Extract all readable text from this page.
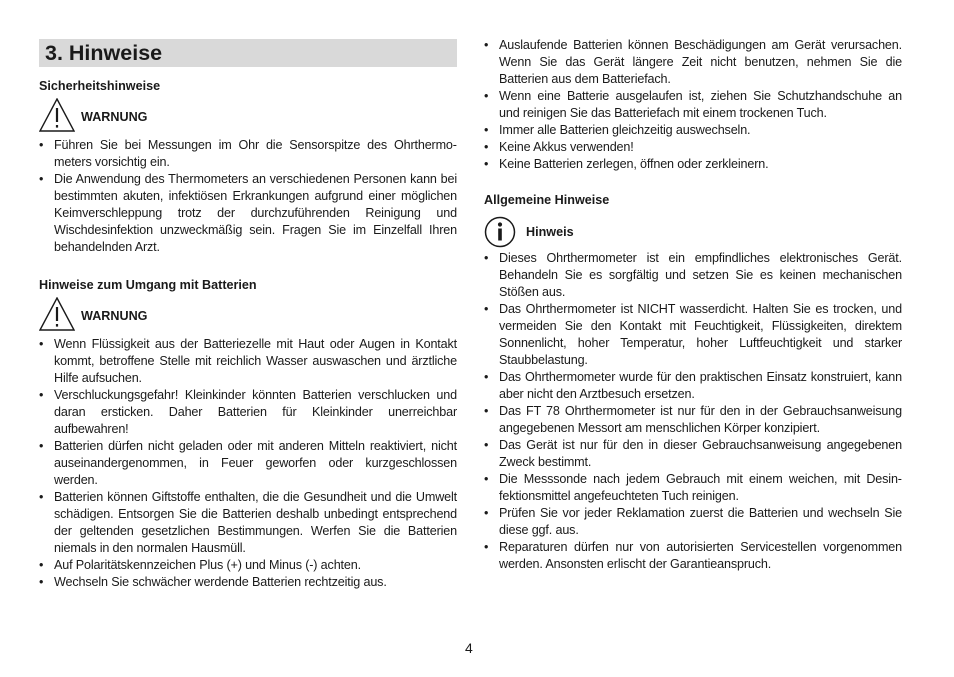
3. Hinweise
Sicherheitshinweise
WARNUNG
• Führen Sie bei Messungen im Ohr die Sensorspitze des Ohrthermometers vorsichtig ein.
• Die Anwendung des Thermometers an verschiedenen Personen kann bei bestimmten akuten, infektiösen Erkrankungen aufgrund einer möglichen Keimverschleppung trotz der durchzuführenden Reinigung und Wischdesinfektion unzweckmäßig sein. Fragen Sie im Einzelfall Ihren behandelnden Arzt.
Hinweise zum Umgang mit Batterien
WARNUNG
• Wenn Flüssigkeit aus der Batteriezelle mit Haut oder Augen in Kontakt kommt, betroffene Stelle mit reichlich Wasser auswaschen und ärztliche Hilfe aufsuchen.
• Verschluckungsgefahr! Kleinkinder könnten Batterien verschlucken und daran ersticken. Daher Batterien für Kleinkinder unerreichbar aufbewahren!
• Batterien dürfen nicht geladen oder mit anderen Mitteln reaktiviert, nicht auseinandergenommen, in Feuer geworfen oder kurzgeschlossen werden.
• Batterien können Giftstoffe enthalten, die die Gesundheit und die Umwelt schädigen. Entsorgen Sie die Batterien deshalb unbedingt entsprechend der geltenden gesetzlichen Bestimmungen. Werfen Sie die Batterien niemals in den normalen Hausmüll.
• Auf Polaritätskennzeichen Plus (+) und Minus (-) achten.
• Wechseln Sie schwächer werdende Batterien rechtzeitig aus.
• Auslaufende Batterien können Beschädigungen am Gerät verursachen. Wenn Sie das Gerät längere Zeit nicht benutzen, nehmen Sie die Batterien aus dem Batteriefach.
• Wenn eine Batterie ausgelaufen ist, ziehen Sie Schutzhandschuhe an und reinigen Sie das Batteriefach mit einem trockenen Tuch.
• Immer alle Batterien gleichzeitig auswechseln.
• Keine Akkus verwenden!
• Keine Batterien zerlegen, öffnen oder zerkleinern.
Allgemeine Hinweise
Hinweis
• Dieses Ohrthermometer ist ein empfindliches elektronisches Gerät. Behandeln Sie es sorgfältig und setzen Sie es keinen mechanischen Stößen aus.
• Das Ohrthermometer ist NICHT wasserdicht. Halten Sie es trocken, und vermeiden Sie den Kontakt mit Feuchtigkeit, Flüssigkeiten, direktem Sonnenlicht, hoher Temperatur, hoher Luftfeuchtigkeit und starker Staubbelastung.
• Das Ohrthermometer wurde für den praktischen Einsatz konstruiert, kann aber nicht den Arztbesuch ersetzen.
• Das FT 78 Ohrthermometer ist nur für den in der Gebrauchsanweisung angegebenen Messort am menschlichen Körper konzipiert.
• Das Gerät ist nur für den in dieser Gebrauchsanweisung angegebenen Zweck bestimmt.
• Die Messsonde nach jedem Gebrauch mit einem weichen, mit Desinfektionsmittel angefeuchteten Tuch reinigen.
• Prüfen Sie vor jeder Reklamation zuerst die Batterien und wechseln Sie diese ggf. aus.
• Reparaturen dürfen nur von autorisierten Servicestellen vorgenommen werden. Ansonsten erlischt der Garantieanspruch.
4
